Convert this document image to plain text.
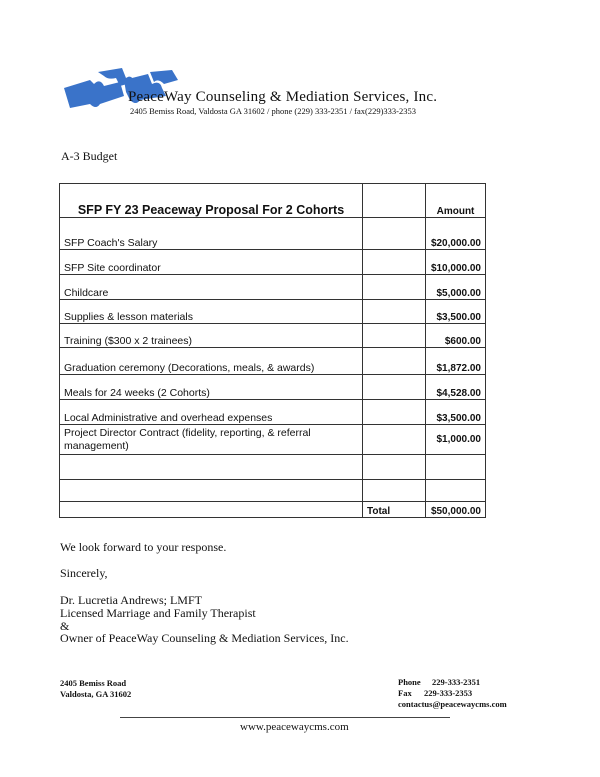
PeaceWay Counseling & Mediation Services, Inc.
2405 Bemiss Road, Valdosta GA 31602 / phone (229) 333-2351 / fax(229)333-2353
A-3 Budget
SFP FY 23 Peaceway Proposal For 2 Cohorts		Amount
SFP Coach's Salary		$20,000.00
SFP Site coordinator		$10,000.00
Childcare		$5,000.00
Supplies & lesson materials		$3,500.00
Training ($300 x 2 trainees)		$600.00
Graduation ceremony (Decorations, meals, & awards)		$1,872.00
Meals for 24 weeks (2 Cohorts)		$4,528.00
Local Administrative and overhead expenses		$3,500.00
Project Director Contract (fidelity, reporting, & referral management)		$1,000.00

	Total	$50,000.00
We look forward to your response.
Sincerely,
Dr. Lucretia Andrews; LMFT
Licensed Marriage and Family Therapist
&
Owner of PeaceWay Counseling & Mediation Services, Inc.
2405 Bemiss Road
Valdosta, GA 31602
Phone 229-333-2351
Fax 229-333-2353
contactus@peacewaycms.com
www.peacewaycms.com
